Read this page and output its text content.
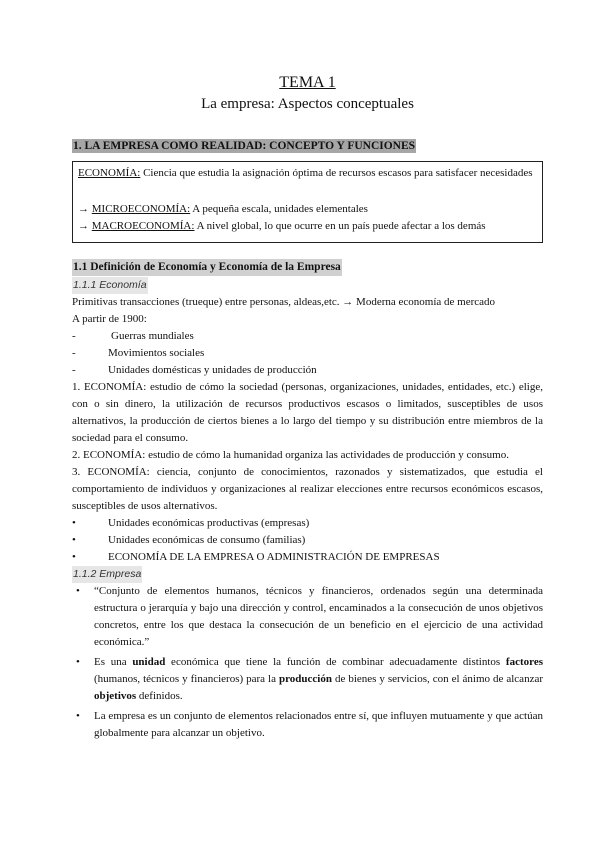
TEMA 1
La empresa: Aspectos conceptuales
1. LA EMPRESA COMO REALIDAD: CONCEPTO Y FUNCIONES
ECONOMÍA: Ciencia que estudia la asignación óptima de recursos escasos para satisfacer necesidades
→ MICROECONOMÍA: A pequeña escala, unidades elementales
→ MACROECONOMÍA: A nivel global, lo que ocurre en un país puede afectar a los demás
1.1 Definición de Economía y Economía de la Empresa
1.1.1 Economía

Primitivas transacciones (trueque) entre personas, aldeas,etc. → Moderna economía de mercado

A partir de 1900:

-	Guerras mundiales
-	Movimientos sociales
-	Unidades domésticas y unidades de producción

1. ECONOMÍA: estudio de cómo la sociedad (personas, organizaciones, unidades, entidades, etc.) elige, con o sin dinero, la utilización de recursos productivos escasos o limitados, susceptibles de usos alternativos, la producción de ciertos bienes a lo largo del tiempo y su distribución entre miembros de la sociedad para el consumo.

2. ECONOMÍA: estudio de cómo la humanidad organiza las actividades de producción y consumo.

3. ECONOMÍA: ciencia, conjunto de conocimientos, razonados y sistematizados, que estudia el comportamiento de individuos y organizaciones al realizar elecciones entre recursos económicos escasos, susceptibles de usos alternativos.

•	Unidades económicas productivas (empresas)
•	Unidades económicas de consumo (familias)
•	ECONOMÍA DE LA EMPRESA O ADMINISTRACIÓN DE EMPRESAS
1.1.2 Empresa
•	“Conjunto de elementos humanos, técnicos y financieros, ordenados según una determinada estructura o jerarquía y bajo una dirección y control, encaminados a la consecución de unos objetivos concretos, entre los que destaca la consecución de un beneficio en el ejercicio de una actividad económica.”
•	Es una unidad económica que tiene la función de combinar adecuadamente distintos factores (humanos, técnicos y financieros) para la producción de bienes y servicios, con el ánimo de alcanzar objetivos definidos.
•	La empresa es un conjunto de elementos relacionados entre sí, que influyen mutuamente y que actúan globalmente para alcanzar un objetivo.
